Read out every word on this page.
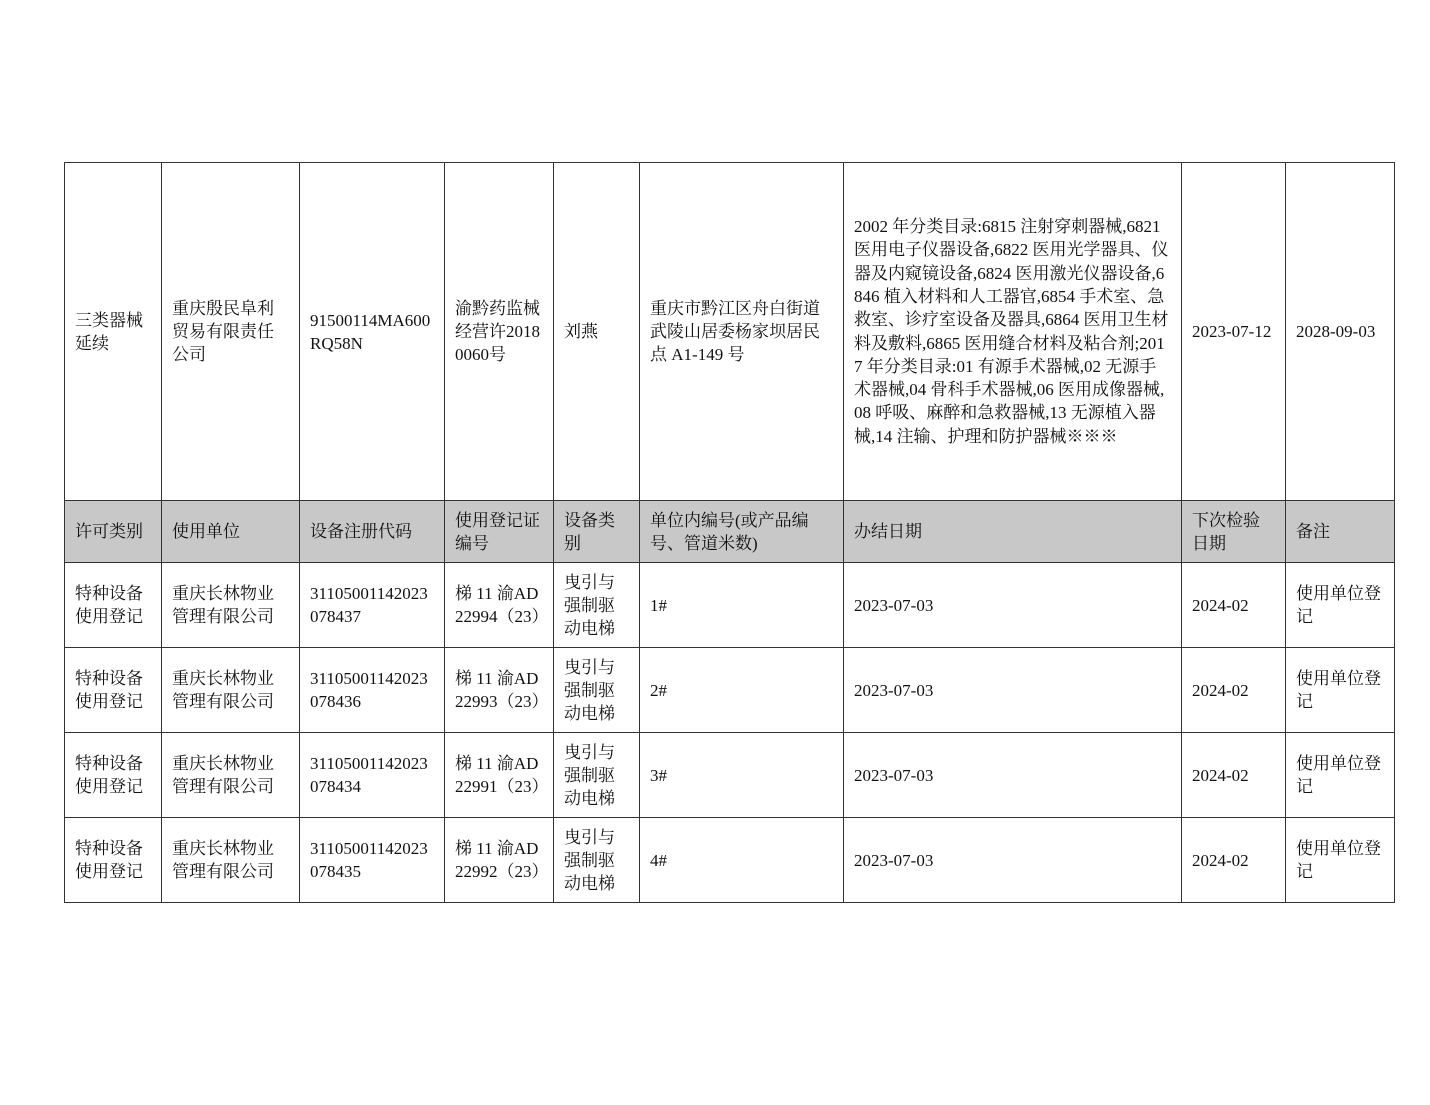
三类器械延续	重庆殷民阜利贸易有限责任公司	91500114MA600RQ58N	渝黔药监械经营许20180060号	刘燕	重庆市黔江区舟白街道武陵山居委杨家坝居民点 A1-149 号	2002 年分类目录:6815 注射穿刺器械,6821 医用电子仪器设备,6822 医用光学器具、仪器及内窥镜设备,6824 医用激光仪器设备,6846 植入材料和人工器官,6854 手术室、急救室、诊疗室设备及器具,6864 医用卫生材料及敷料,6865 医用缝合材料及粘合剂;2017 年分类目录:01 有源手术器械,02 无源手术器械,04 骨科手术器械,06 医用成像器械,08 呼吸、麻醉和急救器械,13 无源植入器械,14 注输、护理和防护器械※※※	2023-07-12	2028-09-03
许可类别	使用单位	设备注册代码	使用登记证编号	设备类别	单位内编号(或产品编号、管道米数)	办结日期	下次检验日期	备注
特种设备使用登记	重庆长林物业管理有限公司	31105001142023078437	梯 11 渝AD22994（23）	曳引与强制驱动电梯	1#	2023-07-03	2024-02	使用单位登记
特种设备使用登记	重庆长林物业管理有限公司	31105001142023078436	梯 11 渝AD22993（23）	曳引与强制驱动电梯	2#	2023-07-03	2024-02	使用单位登记
特种设备使用登记	重庆长林物业管理有限公司	31105001142023078434	梯 11 渝AD22991（23）	曳引与强制驱动电梯	3#	2023-07-03	2024-02	使用单位登记
特种设备使用登记	重庆长林物业管理有限公司	31105001142023078435	梯 11 渝AD22992（23）	曳引与强制驱动电梯	4#	2023-07-03	2024-02	使用单位登记
